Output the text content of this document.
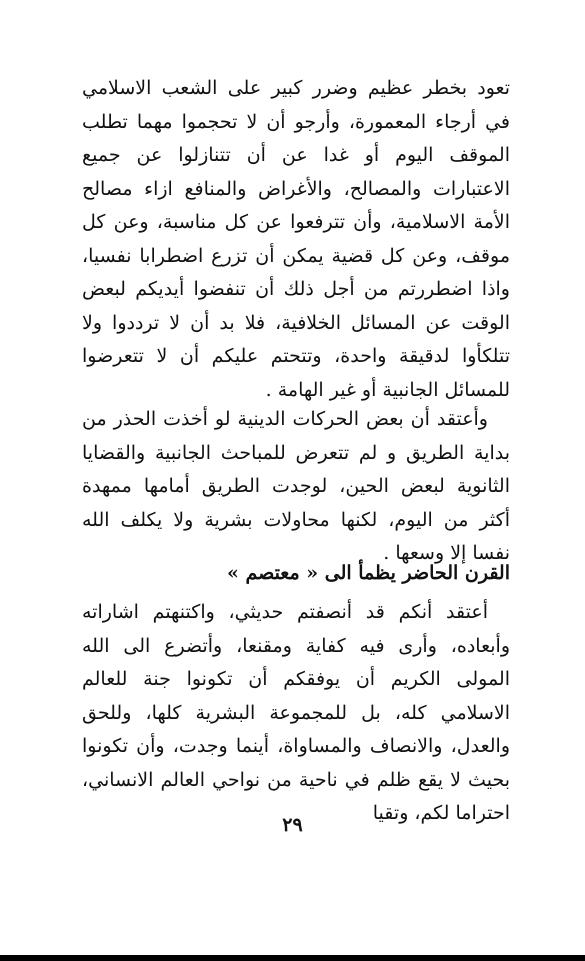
تعود بخطر عظيم وضرر كبير على الشعب الاسلامي في أرجاء المعمورة، وأرجو أن لا تحجموا مهما تطلب الموقف اليوم أو غدا عن أن تتنازلوا عن جميع الاعتبارات والمصالح، والأغراض والمنافع ازاء مصالح الأمة الاسلامية، وأن تترفعوا عن كل مناسبة، وعن كل موقف، وعن كل قضية يمكن أن تزرع اضطرابا نفسيا، واذا اضطررتم من أجل ذلك أن تنفضوا أيديكم لبعض الوقت عن المسائل الخلافية، فلا بد أن لا ترددوا ولا تتلكأوا لدقيقة واحدة، وتتحتم عليكم أن لا تتعرضوا للمسائل الجانبية أو غير الهامة .

وأعتقد أن بعض الحركات الدينية لو أخذت الحذر من بداية الطريق و لم تتعرض للمباحث الجانبية والقضايا الثانوية لبعض الحين، لوجدت الطريق أمامها ممهدة أكثر من اليوم، لكنها محاولات بشرية ولا يكلف الله نفسا إلا وسعها .

القرن الحاضر يظمأ الى « معتصم »

أعتقد أنكم قد أنصفتم حديثي، واكتنهتم اشاراته وأبعاده، وأرى فيه كفاية ومقنعا، وأتضرع الى الله المولى الكريم أن يوفقكم أن تكونوا جنة للعالم الاسلامي كله، بل للمجموعة البشرية كلها، وللحق والعدل، والانصاف والمساواة، أينما وجدت، وأن تكونوا بحيث لا يقع ظلم في ناحية من نواحي العالم الانساني، احتراما لكم، وتقيا

٢٩
